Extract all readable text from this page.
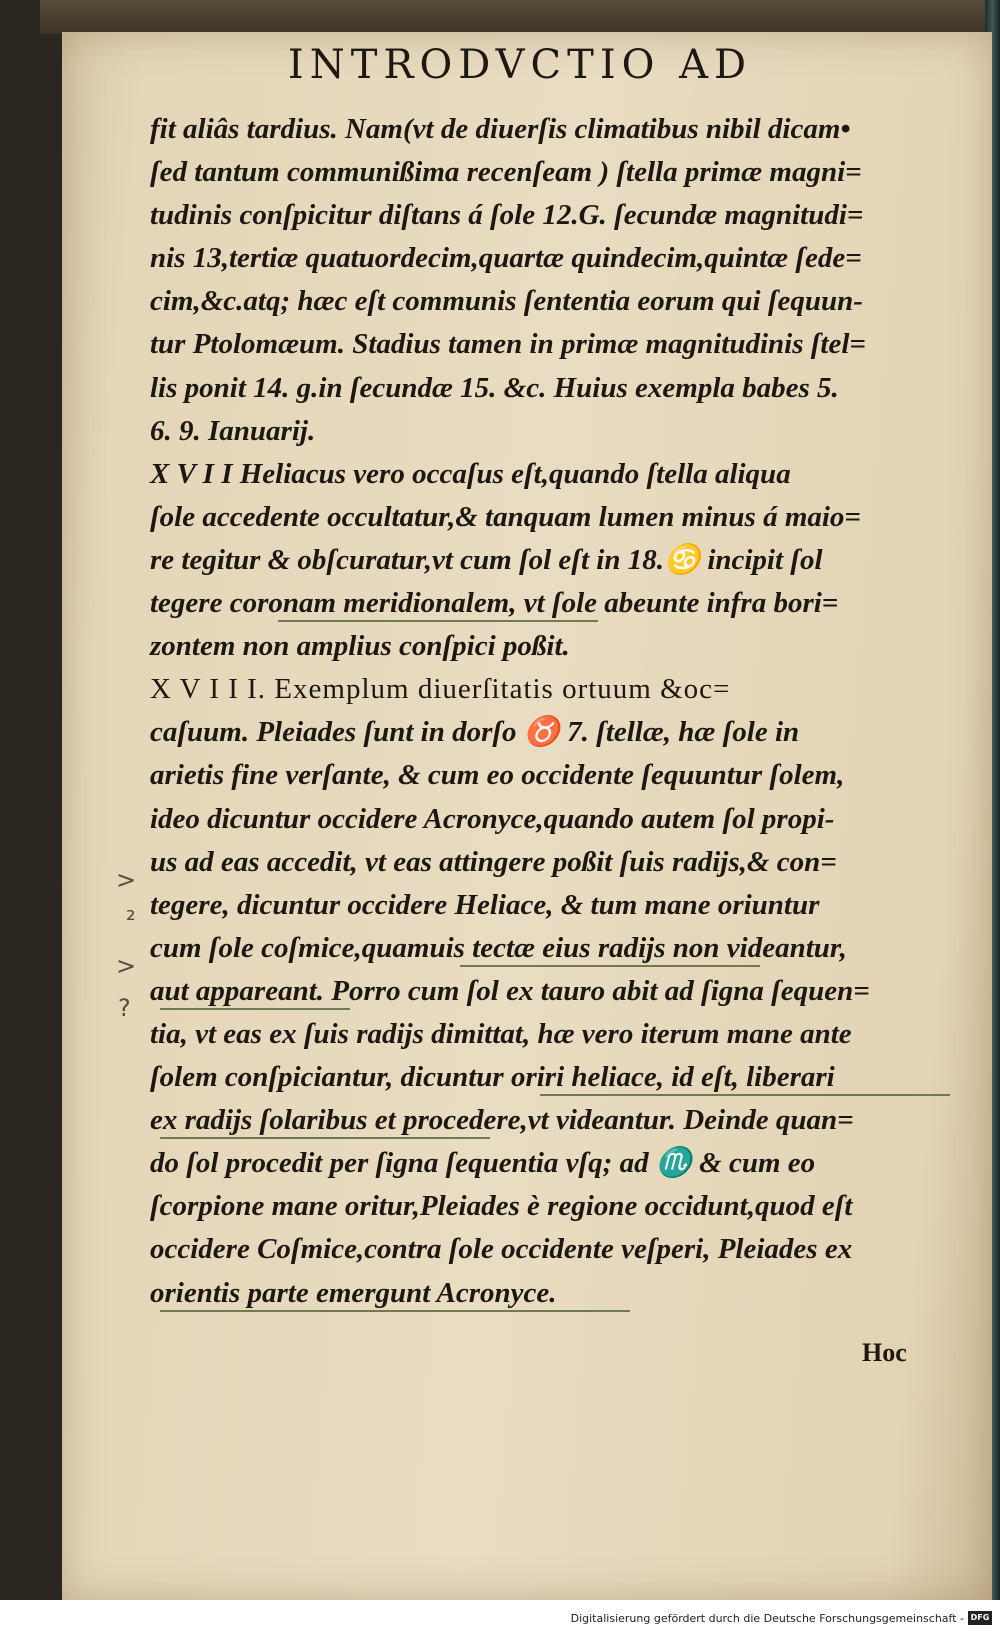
INTRODVCTIO AD
fit aliâs tardius. Nam(vt de diuerſis climatibus nibil dicam•
ſed tantum communißima recenſeam ) ſtella primæ magni=
tudinis conſpicitur diſtans á ſole 12.G. ſecundæ magnitudi=
nis 13,tertiæ quatuordecim,quartæ quindecim,quintæ ſede=
cim,&c.atq; hæc eſt communis ſententia eorum qui ſequun-
tur Ptolomæum. Stadius tamen in primæ magnitudinis ſtel=
lis ponit 14. g.in ſecundæ 15. &c. Huius exempla babes 5.
6. 9. Ianuarij.
X V I I Heliacus vero occaſus eſt,quando ſtella aliqua
ſole accedente occultatur,& tanquam lumen minus á maio=
re tegitur & obſcuratur,vt cum ſol eſt in 18.♋ incipit ſol
tegere coronam meridionalem, vt ſole abeunte infra bori=
zontem non amplius conſpici poßit.
X V I I I. Exemplum diuerſitatis ortuum &oc=
caſuum. Pleiades ſunt in dorſo ♉ 7. ſtellæ, hæ ſole in
arietis fine verſante, & cum eo occidente ſequuntur ſolem,
ideo dicuntur occidere Acronyce,quando autem ſol propi-
us ad eas accedit, vt eas attingere poßit ſuis radijs,& con=
tegere, dicuntur occidere Heliace, & tum mane oriuntur
cum ſole coſmice,quamuis tectæ eius radijs non videantur,
aut appareant. Porro cum ſol ex tauro abit ad ſigna ſequen=
tia, vt eas ex ſuis radijs dimittat, hæ vero iterum mane ante
ſolem conſpiciantur, dicuntur oriri heliace, id eſt, liberari
ex radijs ſolaribus et procedere,vt videantur. Deinde quan=
do ſol procedit per ſigna ſequentia vſq; ad ♏ & cum eo
ſcorpione mane oritur,Pleiades è regione occidunt,quod eſt
occidere Coſmice,contra ſole occidente veſperi, Pleiades ex
orientis parte emergunt Acronyce.
>
²
>
?
Hoc
Digitalisierung gefördert durch die Deutsche Forschungsgemeinschaft - DFG
